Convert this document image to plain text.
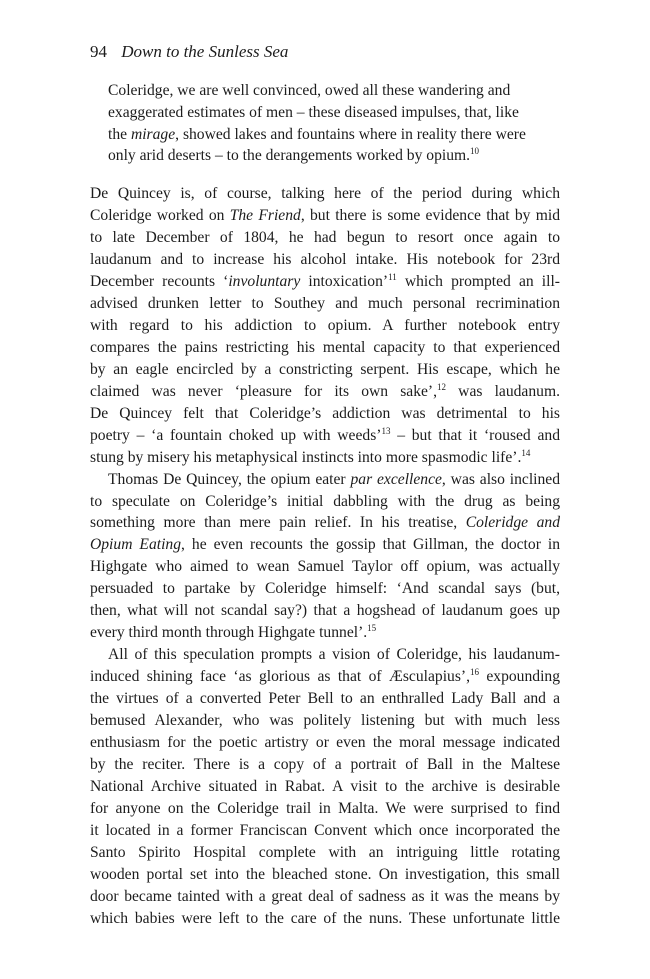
94 Down to the Sunless Sea
Coleridge, we are well convinced, owed all these wandering and
exaggerated estimates of men – these diseased impulses, that, like
the mirage, showed lakes and fountains where in reality there were
only arid deserts – to the derangements worked by opium.$^{10}$
De Quincey is, of course, talking here of the period during which
Coleridge worked on The Friend, but there is some evidence that by mid
to late December of 1804, he had begun to resort once again to
laudanum and to increase his alcohol intake. His notebook for 23rd
December recounts ‘involuntary intoxication’$^{11}$ which prompted an ill-
advised drunken letter to Southey and much personal recrimination
with regard to his addiction to opium. A further notebook entry
compares the pains restricting his mental capacity to that experienced
by an eagle encircled by a constricting serpent. His escape, which he
claimed was never ‘pleasure for its own sake’,$^{12}$ was laudanum.
De Quincey felt that Coleridge’s addiction was detrimental to his
poetry – ‘a fountain choked up with weeds’$^{13}$ – but that it ‘roused and
stung by misery his metaphysical instincts into more spasmodic life’.$^{14}$
Thomas De Quincey, the opium eater par excellence, was also inclined
to speculate on Coleridge’s initial dabbling with the drug as being
something more than mere pain relief. In his treatise, Coleridge and
Opium Eating, he even recounts the gossip that Gillman, the doctor in
Highgate who aimed to wean Samuel Taylor off opium, was actually
persuaded to partake by Coleridge himself: ‘And scandal says (but,
then, what will not scandal say?) that a hogshead of laudanum goes up
every third month through Highgate tunnel’.$^{15}$
All of this speculation prompts a vision of Coleridge, his laudanum-
induced shining face ‘as glorious as that of Æsculapius’,$^{16}$ expounding
the virtues of a converted Peter Bell to an enthralled Lady Ball and a
bemused Alexander, who was politely listening but with much less
enthusiasm for the poetic artistry or even the moral message indicated
by the reciter. There is a copy of a portrait of Ball in the Maltese
National Archive situated in Rabat. A visit to the archive is desirable
for anyone on the Coleridge trail in Malta. We were surprised to find
it located in a former Franciscan Convent which once incorporated the
Santo Spirito Hospital complete with an intriguing little rotating
wooden portal set into the bleached stone. On investigation, this small
door became tainted with a great deal of sadness as it was the means by
which babies were left to the care of the nuns. These unfortunate little
